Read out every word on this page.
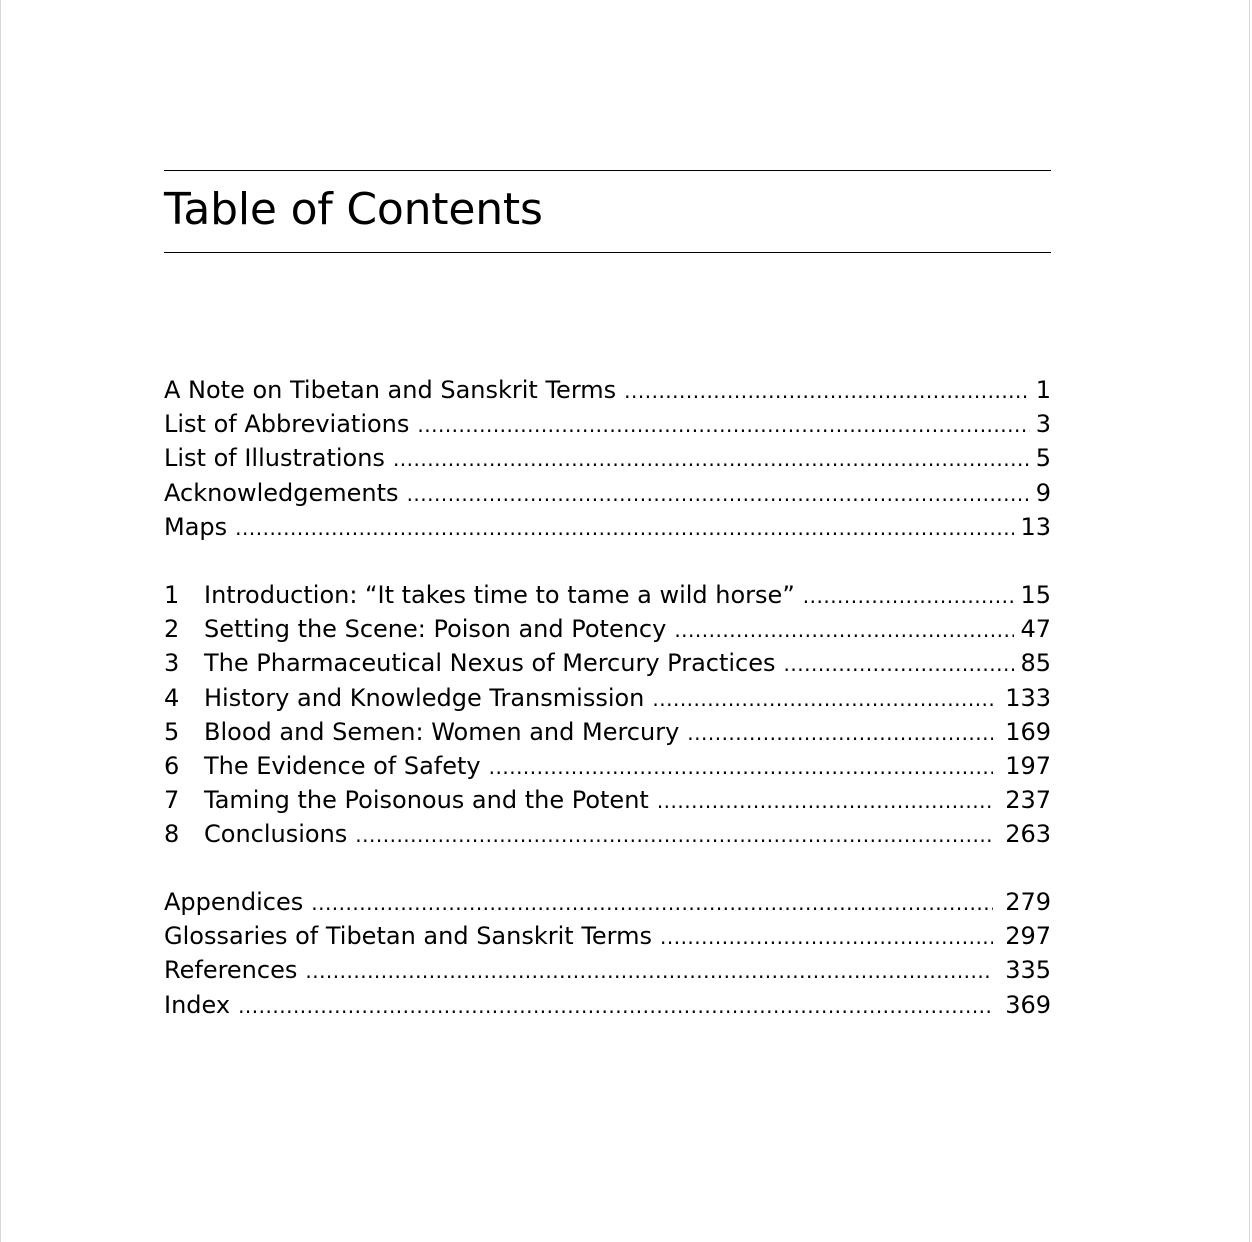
Table of Contents
A Note on Tibetan and Sanskrit Terms .....	1
List of Abbreviations .....	3
List of Illustrations .....	5
Acknowledgements .....	9
Maps .....	13
1	Introduction: “It takes time to tame a wild horse” .....	15
2	Setting the Scene: Poison and Potency .....	47
3	The Pharmaceutical Nexus of Mercury Practices .....	85
4	History and Knowledge Transmission .....	133
5	Blood and Semen: Women and Mercury .....	169
6	The Evidence of Safety .....	197
7	Taming the Poisonous and the Potent .....	237
8	Conclusions .....	263
Appendices .....	279
Glossaries of Tibetan and Sanskrit Terms .....	297
References .....	335
Index .....	369
